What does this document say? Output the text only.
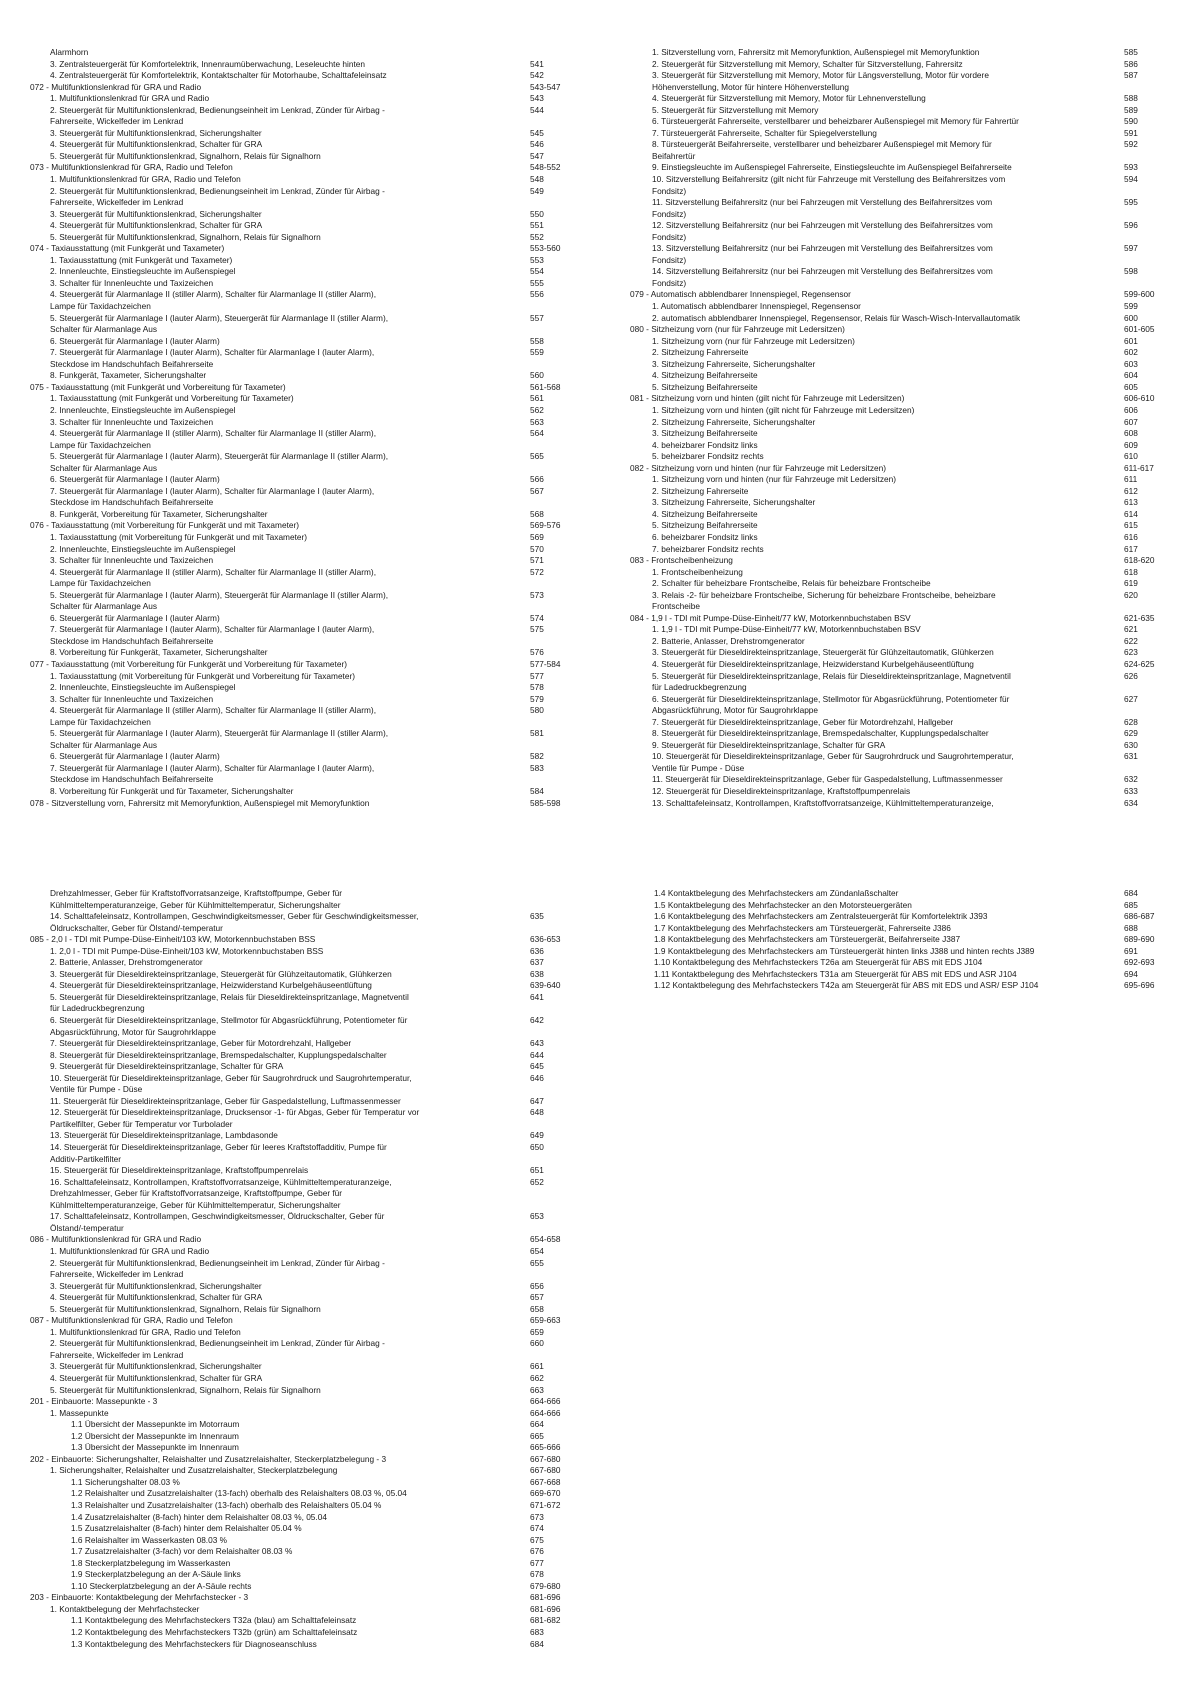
Alarmhorn
3. Zentralsteuergerät für Komfortelektrik, Innenraumüberwachung, Leseleuchte hinten	541
4. Zentralsteuergerät für Komfortelektrik, Kontaktschalter für Motorhaube, Schalttafeleinsatz	542
072 - Multifunktionslenkrad für GRA und Radio	543-547
1. Multifunktionslenkrad für GRA und Radio	543
2. Steuergerät für Multifunktionslenkrad, Bedienungseinheit im Lenkrad, Zünder für Airbag -	544
Fahrerseite, Wickelfeder im Lenkrad
3. Steuergerät für Multifunktionslenkrad, Sicherungshalter	545
4. Steuergerät für Multifunktionslenkrad, Schalter für GRA	546
5. Steuergerät für Multifunktionslenkrad, Signalhorn, Relais für Signalhorn	547
073 - Multifunktionslenkrad für GRA, Radio und Telefon	548-552
1. Multifunktionslenkrad für GRA, Radio und Telefon	548
2. Steuergerät für Multifunktionslenkrad, Bedienungseinheit im Lenkrad, Zünder für Airbag -	549
Fahrerseite, Wickelfeder im Lenkrad
3. Steuergerät für Multifunktionslenkrad, Sicherungshalter	550
4. Steuergerät für Multifunktionslenkrad, Schalter für GRA	551
5. Steuergerät für Multifunktionslenkrad, Signalhorn, Relais für Signalhorn	552
074 - Taxiausstattung (mit Funkgerät und Taxameter)	553-560
1. Taxiausstattung (mit Funkgerät und Taxameter)	553
2. Innenleuchte, Einstiegsleuchte im Außenspiegel	554
3. Schalter für Innenleuchte und Taxizeichen	555
4. Steuergerät für Alarmanlage II (stiller Alarm), Schalter für Alarmanlage II (stiller Alarm),	556
Lampe für Taxidachzeichen
5. Steuergerät für Alarmanlage I (lauter Alarm), Steuergerät für Alarmanlage II (stiller Alarm),	557
Schalter für Alarmanlage Aus
6. Steuergerät für Alarmanlage I (lauter Alarm)	558
7. Steuergerät für Alarmanlage I (lauter Alarm), Schalter für Alarmanlage I (lauter Alarm),	559
Steckdose im Handschuhfach Beifahrerseite
8. Funkgerät, Taxameter, Sicherungshalter	560
075 - Taxiausstattung (mit Funkgerät und Vorbereitung für Taxameter)	561-568
1. Taxiausstattung (mit Funkgerät und Vorbereitung für Taxameter)	561
2. Innenleuchte, Einstiegsleuchte im Außenspiegel	562
3. Schalter für Innenleuchte und Taxizeichen	563
4. Steuergerät für Alarmanlage II (stiller Alarm), Schalter für Alarmanlage II (stiller Alarm),	564
Lampe für Taxidachzeichen
5. Steuergerät für Alarmanlage I (lauter Alarm), Steuergerät für Alarmanlage II (stiller Alarm),	565
Schalter für Alarmanlage Aus
6. Steuergerät für Alarmanlage I (lauter Alarm)	566
7. Steuergerät für Alarmanlage I (lauter Alarm), Schalter für Alarmanlage I (lauter Alarm),	567
Steckdose im Handschuhfach Beifahrerseite
8. Funkgerät, Vorbereitung für Taxameter, Sicherungshalter	568
076 - Taxiausstattung (mit Vorbereitung für Funkgerät und mit Taxameter)	569-576
1. Taxiausstattung (mit Vorbereitung für Funkgerät und mit Taxameter)	569
2. Innenleuchte, Einstiegsleuchte im Außenspiegel	570
3. Schalter für Innenleuchte und Taxizeichen	571
4. Steuergerät für Alarmanlage II (stiller Alarm), Schalter für Alarmanlage II (stiller Alarm),	572
Lampe für Taxidachzeichen
5. Steuergerät für Alarmanlage I (lauter Alarm), Steuergerät für Alarmanlage II (stiller Alarm),	573
Schalter für Alarmanlage Aus
6. Steuergerät für Alarmanlage I (lauter Alarm)	574
7. Steuergerät für Alarmanlage I (lauter Alarm), Schalter für Alarmanlage I (lauter Alarm),	575
Steckdose im Handschuhfach Beifahrerseite
8. Vorbereitung für Funkgerät, Taxameter, Sicherungshalter	576
077 - Taxiausstattung (mit Vorbereitung für Funkgerät und Vorbereitung für Taxameter)	577-584
1. Taxiausstattung (mit Vorbereitung für Funkgerät und Vorbereitung für Taxameter)	577
2. Innenleuchte, Einstiegsleuchte im Außenspiegel	578
3. Schalter für Innenleuchte und Taxizeichen	579
4. Steuergerät für Alarmanlage II (stiller Alarm), Schalter für Alarmanlage II (stiller Alarm),	580
Lampe für Taxidachzeichen
5. Steuergerät für Alarmanlage I (lauter Alarm), Steuergerät für Alarmanlage II (stiller Alarm),	581
Schalter für Alarmanlage Aus
6. Steuergerät für Alarmanlage I (lauter Alarm)	582
7. Steuergerät für Alarmanlage I (lauter Alarm), Schalter für Alarmanlage I (lauter Alarm),	583
Steckdose im Handschuhfach Beifahrerseite
8. Vorbereitung für Funkgerät und für Taxameter, Sicherungshalter	584
078 - Sitzverstellung vorn, Fahrersitz mit Memoryfunktion, Außenspiegel mit Memoryfunktion	585-598
1. Sitzverstellung vorn, Fahrersitz mit Memoryfunktion, Außenspiegel mit Memoryfunktion	585
2. Steuergerät für Sitzverstellung mit Memory, Schalter für Sitzverstellung, Fahrersitz	586
3. Steuergerät für Sitzverstellung mit Memory, Motor für Längsverstellung, Motor für vordere	587
Höhenverstellung, Motor für hintere Höhenverstellung
4. Steuergerät für Sitzverstellung mit Memory, Motor für Lehnenverstellung	588
5. Steuergerät für Sitzverstellung mit Memory	589
6. Türsteuergerät Fahrerseite, verstellbarer und beheizbarer Außenspiegel mit Memory für Fahrertür	590
7. Türsteuergerät Fahrerseite, Schalter für Spiegelverstellung	591
8. Türsteuergerät Beifahrerseite, verstellbarer und beheizbarer Außenspiegel mit Memory für	592
Beifahrertür
9. Einstiegsleuchte im Außenspiegel Fahrerseite, Einstiegsleuchte im Außenspiegel Beifahrerseite	593
10. Sitzverstellung Beifahrersitz (gilt nicht für Fahrzeuge mit Verstellung des Beifahrersitzes vom	594
Fondsitz)
11. Sitzverstellung Beifahrersitz (nur bei Fahrzeugen mit Verstellung des Beifahrersitzes vom	595
Fondsitz)
12. Sitzverstellung Beifahrersitz (nur bei Fahrzeugen mit Verstellung des Beifahrersitzes vom	596
Fondsitz)
13. Sitzverstellung Beifahrersitz (nur bei Fahrzeugen mit Verstellung des Beifahrersitzes vom	597
Fondsitz)
14. Sitzverstellung Beifahrersitz (nur bei Fahrzeugen mit Verstellung des Beifahrersitzes vom	598
Fondsitz)
079 - Automatisch abblendbarer Innenspiegel, Regensensor	599-600
1. Automatisch abblendbarer Innenspiegel, Regensensor	599
2. automatisch abblendbarer Innenspiegel, Regensensor, Relais für Wasch-Wisch-Intervallautomatik	600
080 - Sitzheizung vorn (nur für Fahrzeuge mit Ledersitzen)	601-605
1. Sitzheizung vorn (nur für Fahrzeuge mit Ledersitzen)	601
2. Sitzheizung Fahrerseite	602
3. Sitzheizung Fahrerseite, Sicherungshalter	603
4. Sitzheizung Beifahrerseite	604
5. Sitzheizung Beifahrerseite	605
081 - Sitzheizung vorn und hinten (gilt nicht für Fahrzeuge mit Ledersitzen)	606-610
1. Sitzheizung vorn und hinten (gilt nicht für Fahrzeuge mit Ledersitzen)	606
2. Sitzheizung Fahrerseite, Sicherungshalter	607
3. Sitzheizung Beifahrerseite	608
4. beheizbarer Fondsitz links	609
5. beheizbarer Fondsitz rechts	610
082 - Sitzheizung vorn und hinten (nur für Fahrzeuge mit Ledersitzen)	611-617
1. Sitzheizung vorn und hinten (nur für Fahrzeuge mit Ledersitzen)	611
2. Sitzheizung Fahrerseite	612
3. Sitzheizung Fahrerseite, Sicherungshalter	613
4. Sitzheizung Beifahrerseite	614
5. Sitzheizung Beifahrerseite	615
6. beheizbarer Fondsitz links	616
7. beheizbarer Fondsitz rechts	617
083 - Frontscheibenheizung	618-620
1. Frontscheibenheizung	618
2. Schalter für beheizbare Frontscheibe, Relais für beheizbare Frontscheibe	619
3. Relais -2- für beheizbare Frontscheibe, Sicherung für beheizbare Frontscheibe, beheizbare	620
Frontscheibe
084 - 1,9 l - TDI mit Pumpe-Düse-Einheit/77 kW, Motorkennbuchstaben BSV	621-635
1. 1,9 l - TDI mit Pumpe-Düse-Einheit/77 kW, Motorkennbuchstaben BSV	621
2. Batterie, Anlasser, Drehstromgenerator	622
3. Steuergerät für Dieseldirekteinspritzanlage, Steuergerät für Glühzeitautomatik, Glühkerzen	623
4. Steuergerät für Dieseldirekteinspritzanlage, Heizwiderstand Kurbelgehäuseentlüftung	624-625
5. Steuergerät für Dieseldirekteinspritzanlage, Relais für Dieseldirekteinspritzanlage, Magnetventil	626
für Ladedruckbegrenzung
6. Steuergerät für Dieseldirekteinspritzanlage, Stellmotor für Abgasrückführung, Potentiometer für	627
Abgasrückführung, Motor für Saugrohrklappe
7. Steuergerät für Dieseldirekteinspritzanlage, Geber für Motordrehzahl, Hallgeber	628
8. Steuergerät für Dieseldirekteinspritzanlage, Bremspedalschalter, Kupplungspedalschalter	629
9. Steuergerät für Dieseldirekteinspritzanlage, Schalter für GRA	630
10. Steuergerät für Dieseldirekteinspritzanlage, Geber für Saugrohrdruck und Saugrohrtemperatur,	631
Ventile für Pumpe - Düse
11. Steuergerät für Dieseldirekteinspritzanlage, Geber für Gaspedalstellung, Luftmassenmesser	632
12. Steuergerät für Dieseldirekteinspritzanlage, Kraftstoffpumpenrelais	633
13. Schalttafeleinsatz, Kontrollampen, Kraftstoffvorratsanzeige, Kühlmitteltemperaturanzeige,	634
Drehzahlmesser, Geber für Kraftstoffvorratsanzeige, Kraftstoffpumpe, Geber für
Kühlmitteltemperaturanzeige, Geber für Kühlmitteltemperatur, Sicherungshalter
14. Schalttafeleinsatz, Kontrollampen, Geschwindigkeitsmesser, Geber für Geschwindigkeitsmesser,	635
Öldruckschalter, Geber für Ölstand/-temperatur
085 - 2,0 l - TDI mit Pumpe-Düse-Einheit/103 kW, Motorkennbuchstaben BSS	636-653
1. 2,0 l - TDI mit Pumpe-Düse-Einheit/103 kW, Motorkennbuchstaben BSS	636
2. Batterie, Anlasser, Drehstromgenerator	637
3. Steuergerät für Dieseldirekteinspritzanlage, Steuergerät für Glühzeitautomatik, Glühkerzen	638
4. Steuergerät für Dieseldirekteinspritzanlage, Heizwiderstand Kurbelgehäuseentlüftung	639-640
5. Steuergerät für Dieseldirekteinspritzanlage, Relais für Dieseldirekteinspritzanlage, Magnetventil	641
für Ladedruckbegrenzung
6. Steuergerät für Dieseldirekteinspritzanlage, Stellmotor für Abgasrückführung, Potentiometer für	642
Abgasrückführung, Motor für Saugrohrklappe
7. Steuergerät für Dieseldirekteinspritzanlage, Geber für Motordrehzahl, Hallgeber	643
8. Steuergerät für Dieseldirekteinspritzanlage, Bremspedalschalter, Kupplungspedalschalter	644
9. Steuergerät für Dieseldirekteinspritzanlage, Schalter für GRA	645
10. Steuergerät für Dieseldirekteinspritzanlage, Geber für Saugrohrdruck und Saugrohrtemperatur,	646
Ventile für Pumpe - Düse
11. Steuergerät für Dieseldirekteinspritzanlage, Geber für Gaspedalstellung, Luftmassenmesser	647
12. Steuergerät für Dieseldirekteinspritzanlage, Drucksensor -1- für Abgas, Geber für Temperatur vor	648
Partikelfilter, Geber für Temperatur vor Turbolader
13. Steuergerät für Dieseldirekteinspritzanlage, Lambdasonde	649
14. Steuergerät für Dieseldirekteinspritzanlage, Geber für leeres Kraftstoffadditiv, Pumpe für	650
Additiv-Partikelfilter
15. Steuergerät für Dieseldirekteinspritzanlage, Kraftstoffpumpenrelais	651
16. Schalttafeleinsatz, Kontrollampen, Kraftstoffvorratsanzeige, Kühlmitteltemperaturanzeige,	652
Drehzahlmesser, Geber für Kraftstoffvorratsanzeige, Kraftstoffpumpe, Geber für
Kühlmitteltemperaturanzeige, Geber für Kühlmitteltemperatur, Sicherungshalter
17. Schalttafeleinsatz, Kontrollampen, Geschwindigkeitsmesser, Öldruckschalter, Geber für	653
Ölstand/-temperatur
086 - Multifunktionslenkrad für GRA und Radio	654-658
1. Multifunktionslenkrad für GRA und Radio	654
2. Steuergerät für Multifunktionslenkrad, Bedienungseinheit im Lenkrad, Zünder für Airbag -	655
Fahrerseite, Wickelfeder im Lenkrad
3. Steuergerät für Multifunktionslenkrad, Sicherungshalter	656
4. Steuergerät für Multifunktionslenkrad, Schalter für GRA	657
5. Steuergerät für Multifunktionslenkrad, Signalhorn, Relais für Signalhorn	658
087 - Multifunktionslenkrad für GRA, Radio und Telefon	659-663
1. Multifunktionslenkrad für GRA, Radio und Telefon	659
2. Steuergerät für Multifunktionslenkrad, Bedienungseinheit im Lenkrad, Zünder für Airbag -	660
Fahrerseite, Wickelfeder im Lenkrad
3. Steuergerät für Multifunktionslenkrad, Sicherungshalter	661
4. Steuergerät für Multifunktionslenkrad, Schalter für GRA	662
5. Steuergerät für Multifunktionslenkrad, Signalhorn, Relais für Signalhorn	663
201 - Einbauorte: Massepunkte - 3	664-666
1. Massepunkte	664-666
1.1 Übersicht der Massepunkte im Motorraum	664
1.2 Übersicht der Massepunkte im Innenraum	665
1.3 Übersicht der Massepunkte im Innenraum	665-666
202 - Einbauorte: Sicherungshalter, Relaishalter und Zusatzrelaishalter, Steckerplatzbelegung - 3	667-680
1. Sicherungshalter, Relaishalter und Zusatzrelaishalter, Steckerplatzbelegung	667-680
1.1 Sicherungshalter 08.03 %	667-668
1.2 Relaishalter und Zusatzrelaishalter (13-fach) oberhalb des Relaishalters 08.03 %, 05.04	669-670
1.3 Relaishalter und Zusatzrelaishalter (13-fach) oberhalb des Relaishalters 05.04 %	671-672
1.4 Zusatzrelaishalter (8-fach) hinter dem Relaishalter 08.03 %, 05.04	673
1.5 Zusatzrelaishalter (8-fach) hinter dem Relaishalter 05.04 %	674
1.6 Relaishalter im Wasserkasten 08.03 %	675
1.7 Zusatzrelaishalter (3-fach) vor dem Relaishalter 08.03 %	676
1.8 Steckerplatzbelegung im Wasserkasten	677
1.9 Steckerplatzbelegung an der A-Säule links	678
1.10 Steckerplatzbelegung an der A-Säule rechts	679-680
203 - Einbauorte: Kontaktbelegung der Mehrfachstecker - 3	681-696
1. Kontaktbelegung der Mehrfachstecker	681-696
1.1 Kontaktbelegung des Mehrfachsteckers T32a (blau) am Schalttafeleinsatz	681-682
1.2 Kontaktbelegung des Mehrfachsteckers T32b (grün) am Schalttafeleinsatz	683
1.3 Kontaktbelegung des Mehrfachsteckers für Diagnoseanschluss	684
1.4 Kontaktbelegung des Mehrfachsteckers am Zündanlaßschalter	684
1.5 Kontaktbelegung des Mehrfachstecker an den Motorsteuergeräten	685
1.6 Kontaktbelegung des Mehrfachsteckers am Zentralsteuergerät für Komfortelektrik J393	686-687
1.7 Kontaktbelegung des Mehrfachsteckers am Türsteuergerät, Fahrerseite J386	688
1.8 Kontaktbelegung des Mehrfachsteckers am Türsteuergerät, Beifahrerseite J387	689-690
1.9 Kontaktbelegung des Mehrfachsteckers am Türsteuergerät hinten links J388 und hinten rechts J389	691
1.10 Kontaktbelegung des Mehrfachsteckers T26a am Steuergerät für ABS mit EDS J104	692-693
1.11 Kontaktbelegung des Mehrfachsteckers T31a am Steuergerät für ABS mit EDS und ASR J104	694
1.12 Kontaktbelegung des Mehrfachsteckers T42a am Steuergerät für ABS mit EDS und ASR/ ESP J104	695-696
